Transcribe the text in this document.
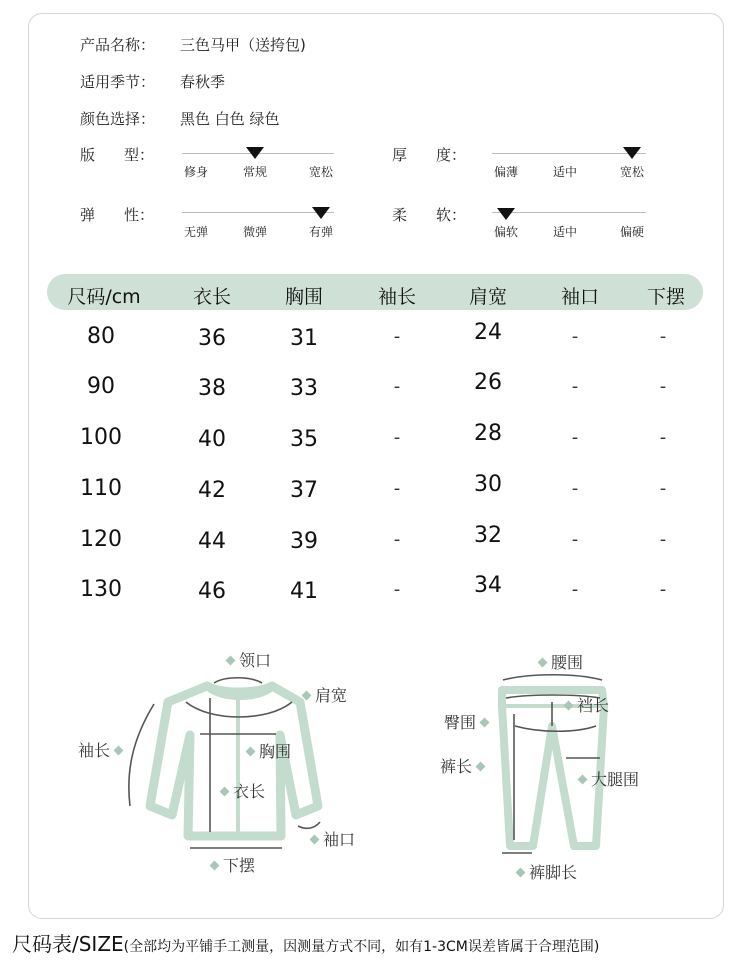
产品名称： 三色马甲（送挎包)
适用季节： 春秋季
颜色选择： 黑色 白色 绿色
版 型：
修身	常规	宽松
厚 度：
偏薄	适中	宽松
弹 性：
无弹	微弹	有弹
柔 软：
偏软	适中	偏硬
尺码/cm	衣长	胸围	袖长	肩宽	袖口	下摆
80	36	31	-	24	-	-
90	38	33	-	26	-	-
100	40	35	-	28	-	-
110	42	37	-	30	-	-
120	44	39	-	32	-	-
130	46	41	-	34	-	-
领口
肩宽
袖长	胸围
衣长
袖口
下摆
腰围
裆长
臀围
裤长
大腿围
裤脚长
尺码表/SIZE(全部均为平铺手工测量，因测量方式不同，如有1-3CM误差皆属于合理范围)
